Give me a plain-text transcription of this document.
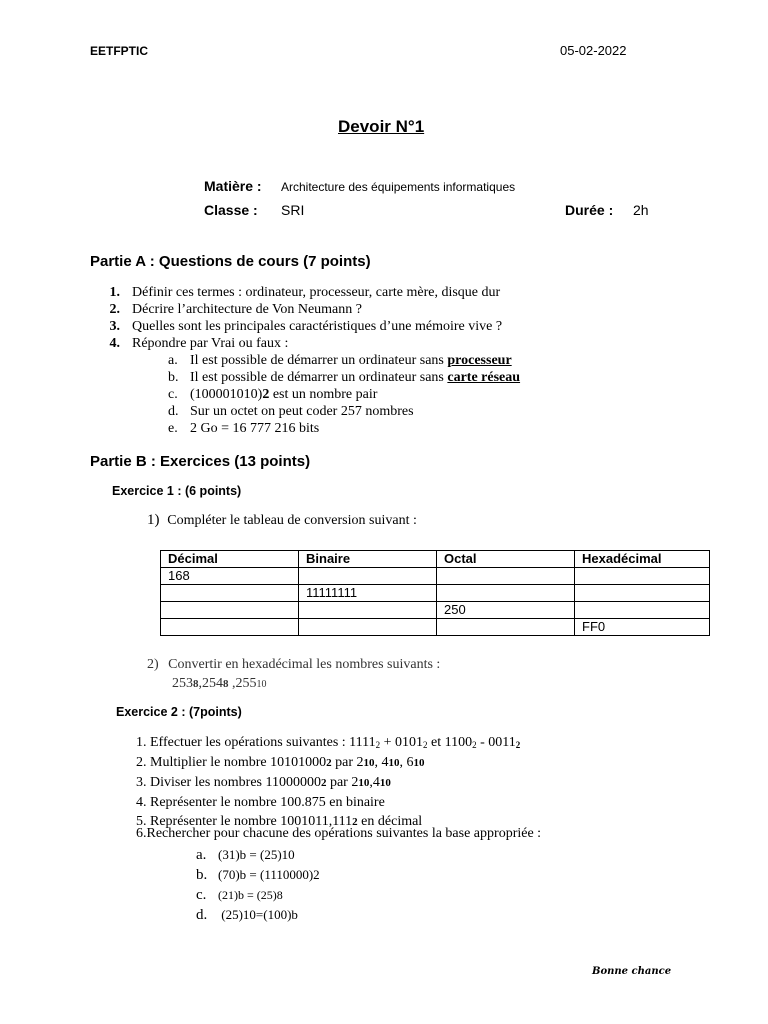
EETFPTIC	05-02-2022
Devoir N°1
Matière : Architecture des équipements informatiques
Classe : SRI	Durée : 2h
Partie A : Questions de cours (7 points)
1. Définir ces termes : ordinateur, processeur, carte mère, disque dur
2. Décrire l’architecture de Von Neumann ?
3. Quelles sont les principales caractéristiques d’une mémoire vive ?
4. Répondre par Vrai ou faux :
a. Il est possible de démarrer un ordinateur sans processeur
b. Il est possible de démarrer un ordinateur sans carte réseau
c. (100001010)2 est un nombre pair
d. Sur un octet on peut coder 257 nombres
e. 2 Go = 16 777 216 bits
Partie B : Exercices (13 points)
Exercice 1 : (6 points)
1) Compléter le tableau de conversion suivant :
Décimal	Binaire	Octal	Hexadécimal
168			
	11111111		
		250	
			FF0
2) Convertir en hexadécimal les nombres suivants :
2538,2548 ,25510
Exercice 2 : (7points)
1. Effectuer les opérations suivantes : $1111_2 + 0101_2$ et $1100_2 - 0011_2$
2. Multiplier le nombre 101010002 par 210, 410, 610
3. Diviser les nombres 110000002 par 210,410
4. Représenter le nombre 100.875 en binaire
5. Représenter le nombre 1001011,1112 en décimal
6.Rechercher pour chacune des opérations suivantes la base appropriée :
a. (31)b = (25)10
b. (70)b = (1110000)2
c. (21)b = (25)8
d. (25)10=(100)b
Bonne chance
